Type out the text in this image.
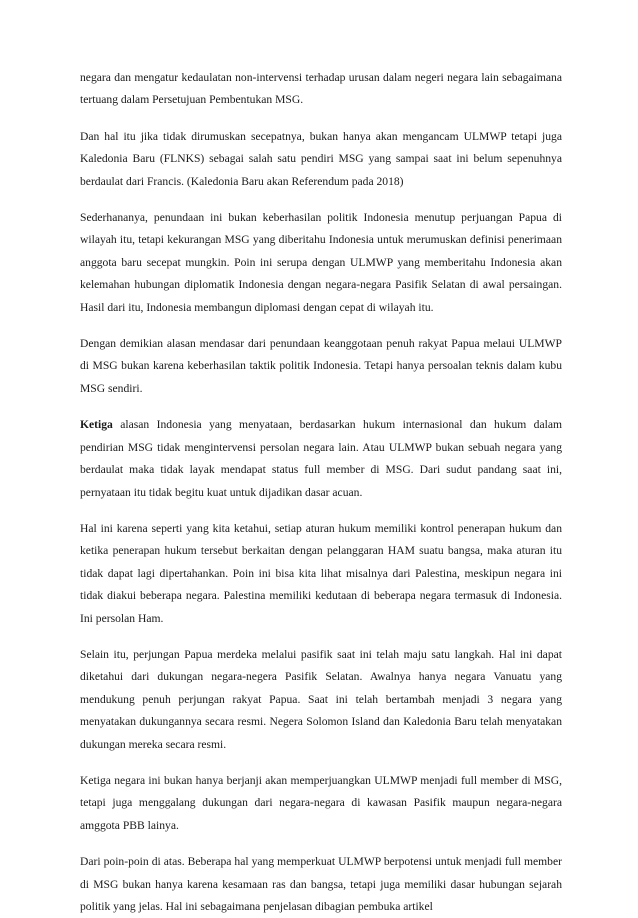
negara dan mengatur kedaulatan non-intervensi terhadap urusan dalam negeri negara lain sebagaimana tertuang dalam Persetujuan Pembentukan MSG.

Dan hal itu jika tidak dirumuskan secepatnya, bukan hanya akan mengancam ULMWP tetapi juga Kaledonia Baru (FLNKS) sebagai salah satu pendiri MSG yang sampai saat ini belum sepenuhnya berdaulat dari Francis. (Kaledonia Baru akan Referendum pada 2018)

Sederhananya, penundaan ini bukan keberhasilan politik Indonesia menutup perjuangan Papua di wilayah itu, tetapi kekurangan MSG yang diberitahu Indonesia untuk merumuskan definisi penerimaan anggota baru secepat mungkin. Poin ini serupa dengan ULMWP yang memberitahu Indonesia akan kelemahan hubungan diplomatik Indonesia dengan negara-negara Pasifik Selatan di awal persaingan. Hasil dari itu, Indonesia membangun diplomasi dengan cepat di wilayah itu.

Dengan demikian alasan mendasar dari penundaan keanggotaan penuh rakyat Papua melaui ULMWP di MSG bukan karena keberhasilan taktik politik Indonesia. Tetapi hanya persoalan teknis dalam kubu MSG sendiri.

Ketiga alasan Indonesia yang menyataan, berdasarkan hukum internasional dan hukum dalam pendirian MSG tidak mengintervensi persolan negara lain. Atau ULMWP bukan sebuah negara yang berdaulat maka tidak layak mendapat status full member di MSG. Dari sudut pandang saat ini, pernyataan itu tidak begitu kuat untuk dijadikan dasar acuan.

Hal ini karena seperti yang kita ketahui, setiap aturan hukum memiliki kontrol penerapan hukum dan ketika penerapan hukum tersebut berkaitan dengan pelanggaran HAM suatu bangsa, maka aturan itu tidak dapat lagi dipertahankan. Poin ini bisa kita lihat misalnya dari Palestina, meskipun negara ini tidak diakui beberapa negara. Palestina memiliki kedutaan di beberapa negara termasuk di Indonesia. Ini persolan Ham.

Selain itu, perjungan Papua merdeka melalui pasifik saat ini telah maju satu langkah. Hal ini dapat diketahui dari dukungan negara-negera Pasifik Selatan. Awalnya hanya negara Vanuatu yang mendukung penuh perjungan rakyat Papua. Saat ini telah bertambah menjadi 3 negara yang menyatakan dukungannya secara resmi. Negera Solomon Island dan Kaledonia Baru telah menyatakan dukungan mereka secara resmi.

Ketiga negara ini bukan hanya berjanji akan memperjuangkan ULMWP menjadi full member di MSG, tetapi juga menggalang dukungan dari negara-negara di kawasan Pasifik maupun negara-negara amggota PBB lainya.

Dari poin-poin di atas. Beberapa hal yang memperkuat ULMWP berpotensi untuk menjadi full member di MSG bukan hanya karena kesamaan ras dan bangsa, tetapi juga memiliki dasar hubungan sejarah politik yang jelas. Hal ini sebagaimana penjelasan dibagian pembuka artikel
